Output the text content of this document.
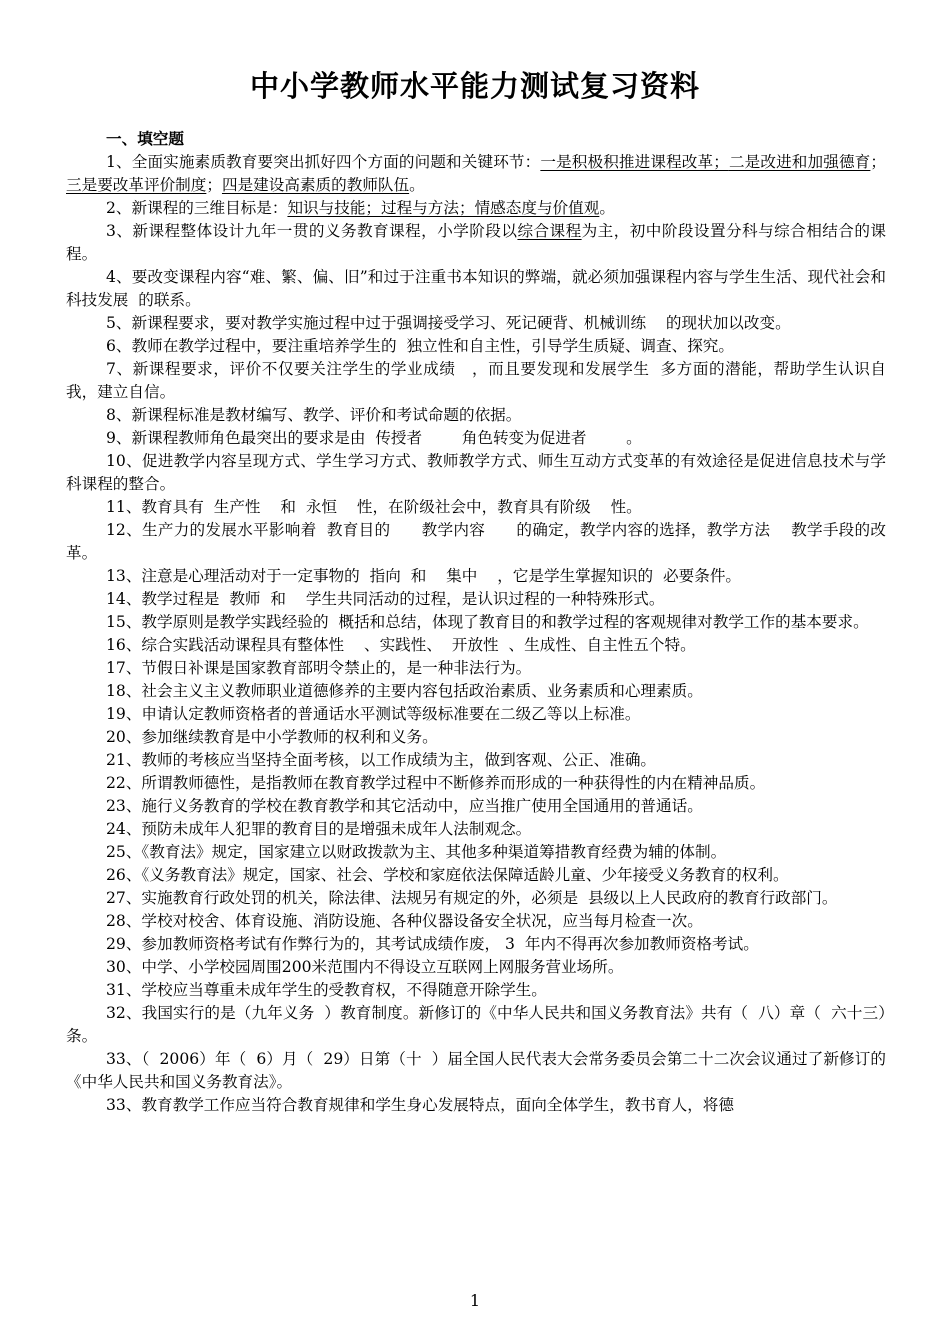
中小学教师水平能力测试复习资料
一、填空题

1、全面实施素质教育要突出抓好四个方面的问题和关键环节：一是积极积推进课程改革；二是改进和加强德育；三是要改革评价制度；四是建设高素质的教师队伍。

2、新课程的三维目标是：知识与技能；过程与方法；情感态度与价值观。

3、新课程整体设计九年一贯的义务教育课程，小学阶段以综合课程为主，初中阶段设置分科与综合相结合的课程。

4、要改变课程内容“难、繁、偏、旧”和过于注重书本知识的弊端，就必须加强课程内容与学生生活、现代社会和科技发展  的联系。

5、新课程要求，要对教学实施过程中过于强调接受学习、死记硬背、机械训练    的现状加以改变。

6、教师在教学过程中，要注重培养学生的  独立性和自主性，引导学生质疑、调查、探究。

7、新课程要求，评价不仅要关注学生的学业成绩   ，而且要发现和发展学生  多方面的潜能，帮助学生认识自我，建立自信。

8、新课程标准是教材编写、教学、评价和考试命题的依据。

9、新课程教师角色最突出的要求是由  传授者        角色转变为促进者        。

10、促进教学内容呈现方式、学生学习方式、教师教学方式、师生互动方式变革的有效途径是促进信息技术与学科课程的整合。

11、教育具有  生产性    和  永恒    性，在阶级社会中，教育具有阶级    性。

12、生产力的发展水平影响着  教育目的      教学内容      的确定，教学内容的选择，教学方法    教学手段的改革。

13、注意是心理活动对于一定事物的  指向  和    集中    ，它是学生掌握知识的  必要条件。

14、教学过程是  教师  和    学生共同活动的过程，是认识过程的一种特殊形式。

15、教学原则是教学实践经验的  概括和总结，体现了教育目的和教学过程的客观规律对教学工作的基本要求。

16、综合实践活动课程具有整体性    、实践性、  开放性  、生成性、自主性五个特。

17、节假日补课是国家教育部明令禁止的，是一种非法行为。

18、社会主义主义教师职业道德修养的主要内容包括政治素质、业务素质和心理素质。

19、申请认定教师资格者的普通话水平测试等级标准要在二级乙等以上标准。

20、参加继续教育是中小学教师的权利和义务。

21、教师的考核应当坚持全面考核，以工作成绩为主，做到客观、公正、准确。

22、所谓教师德性，是指教师在教育教学过程中不断修养而形成的一种获得性的内在精神品质。

23、施行义务教育的学校在教育教学和其它活动中，应当推广使用全国通用的普通话。

24、预防未成年人犯罪的教育目的是增强未成年人法制观念。

25、《教育法》规定，国家建立以财政拨款为主、其他多种渠道筹措教育经费为辅的体制。

26、《义务教育法》规定，国家、社会、学校和家庭依法保障适龄儿童、少年接受义务教育的权利。

27、实施教育行政处罚的机关，除法律、法规另有规定的外，必须是  县级以上人民政府的教育行政部门。

28、学校对校舍、体育设施、消防设施、各种仪器设备安全状况，应当每月检查一次。

29、参加教师资格考试有作弊行为的，其考试成绩作废， 3  年内不得再次参加教师资格考试。

30、中学、小学校园周围200米范围内不得设立互联网上网服务营业场所。

31、学校应当尊重未成年学生的受教育权，不得随意开除学生。

32、我国实行的是（九年义务  ）教育制度。新修订的《中华人民共和国义务教育法》共有（  八）章（  六十三）条。

33、（  2006）年（  6）月（  29）日第（十  ）届全国人民代表大会常务委员会第二十二次会议通过了新修订的《中华人民共和国义务教育法》。

33、教育教学工作应当符合教育规律和学生身心发展特点，面向全体学生，教书育人，将德

1
